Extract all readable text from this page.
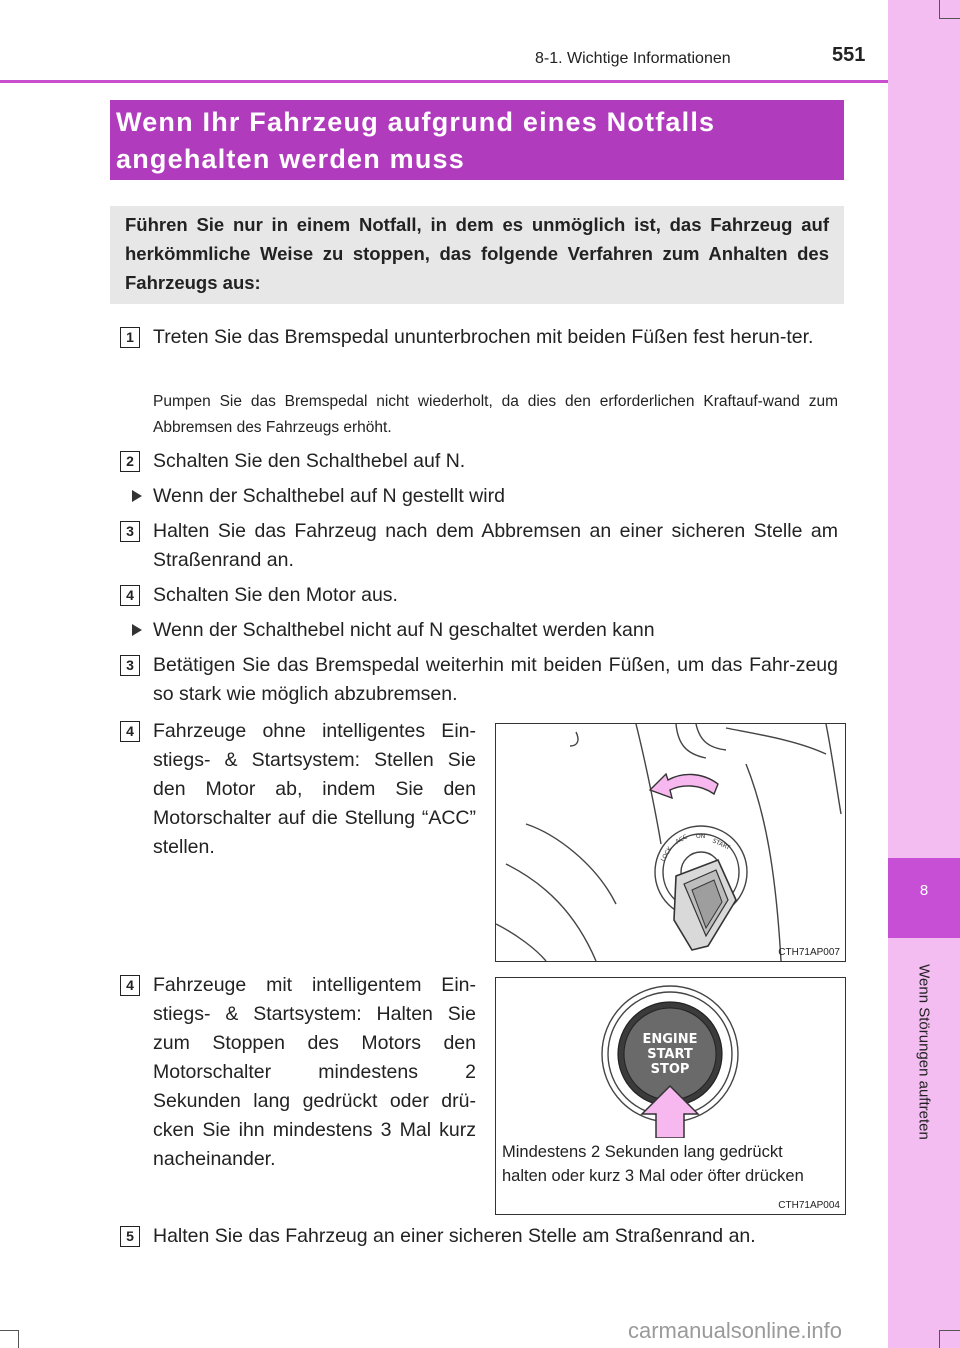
8-1. Wichtige Informationen	551
8
Wenn Störungen auftreten
Wenn Ihr Fahrzeug aufgrund eines Notfalls angehalten werden muss
Führen Sie nur in einem Notfall, in dem es unmöglich ist, das Fahrzeug auf herkömmliche Weise zu stoppen, das folgende Verfahren zum Anhalten des Fahrzeugs aus:
1 Treten Sie das Bremspedal ununterbrochen mit beiden Füßen fest herun-ter.
Pumpen Sie das Bremspedal nicht wiederholt, da dies den erforderlichen Kraftauf-wand zum Abbremsen des Fahrzeugs erhöht.
2 Schalten Sie den Schalthebel auf N.
Wenn der Schalthebel auf N gestellt wird
3 Halten Sie das Fahrzeug nach dem Abbremsen an einer sicheren Stelle am Straßenrand an.
4 Schalten Sie den Motor aus.
Wenn der Schalthebel nicht auf N geschaltet werden kann
3 Betätigen Sie das Bremspedal weiterhin mit beiden Füßen, um das Fahr-zeug so stark wie möglich abzubremsen.
4 Fahrzeuge ohne intelligentes Ein-stiegs- & Startsystem: Stellen Sie den Motor ab, indem Sie den Motorschalter auf die Stellung “ACC” stellen.
4 Fahrzeuge mit intelligentem Ein-stiegs- & Startsystem: Halten Sie zum Stoppen des Motors den Motorschalter mindestens 2 Sekunden lang gedrückt oder drü-cken Sie ihn mindestens 3 Mal kurz nacheinander.
5 Halten Sie das Fahrzeug an einer sicheren Stelle am Straßenrand an.
LOCK
ACC ON
START
CTH71AP007
ENGINE
START
STOP
Mindestens 2 Sekunden lang gedrückt
halten oder kurz 3 Mal oder öfter drücken
CTH71AP004
carmanualsonline.info
